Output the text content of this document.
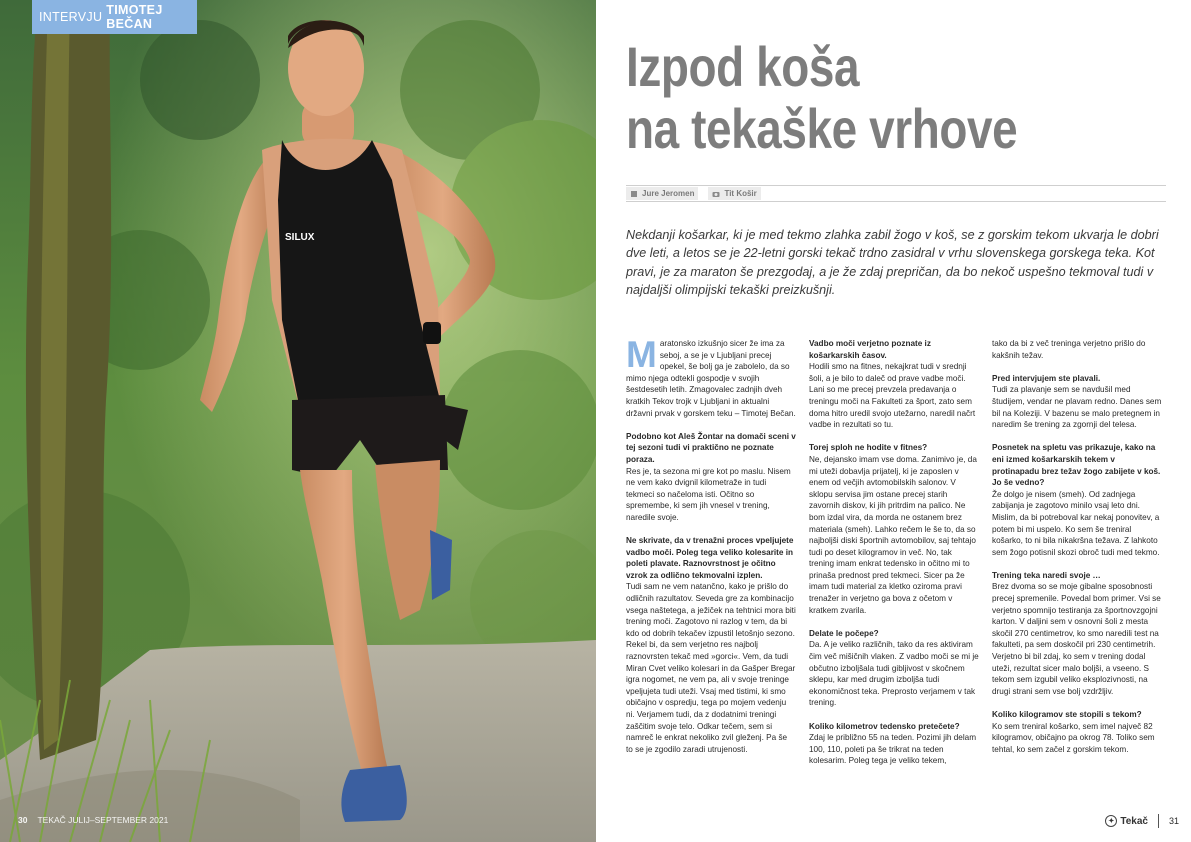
SILUX
INTERVJU TIMOTEJ BEČAN
30 TEKAČ JULIJ–SEPTEMBER 2021
Izpod koša
na tekaške vrhove
Jure Jeromen	Tit Košir

Nekdanji košarkar, ki je med tekmo zlahka zabil žogo v koš, se z gorskim tekom ukvarja le dobri dve leti, a letos se je 22-letni gorski tekač trdno zasidral v vrhu slovenskega gorskega teka. Kot pravi, je za maraton še prezgodaj, a je že zdaj prepričan, da bo nekoč uspešno tekmoval tudi v najdaljši olimpijski tekaški preizkušnji.

Maratonsko izkušnjo sicer že ima za seboj, a se je v Ljubljani precej opekel, še bolj ga je zabolelo, da so mimo njega odtekli gospodje v svojih šestdesetih letih. Zmagovalec zadnjih dveh kratkih Tekov trojk v Ljubljani in aktualni državni prvak v gorskem teku – Timotej Bečan.

Podobno kot Aleš Žontar na domači sceni v tej sezoni tudi vi praktično ne poznate poraza.
Res je, ta sezona mi gre kot po maslu. Nisem ne vem kako dvignil kilometraže in tudi tekmeci so načeloma isti. Očitno so spremembe, ki sem jih vnesel v trening, naredile svoje.

Ne skrivate, da v trenažni proces vpeljujete vadbo moči. Poleg tega veliko kolesarite in poleti plavate. Raznovrstnost je očitno vzrok za odlično tekmovalni izplen.
Tudi sam ne vem natančno, kako je prišlo do odličnih razultatov. Seveda gre za kombinacijo vsega naštetega, a ježiček na tehtnici mora biti trening moči. Zagotovo ni razlog v tem, da bi kdo od dobrih tekačev izpustil letošnjo sezono. Rekel bi, da sem verjetno res najbolj raznovrsten tekač med »gorci«. Vem, da tudi Miran Cvet veliko kolesari in da Gašper Bregar igra nogomet, ne vem pa, ali v svoje treninge vpeljujeta tudi uteži. Vsaj med tistimi, ki smo običajno v ospredju, tega po mojem vedenju ni. Verjamem tudi, da z dodatnimi treningi zaščitim svoje telo. Odkar tečem, sem si namreč le enkrat nekoliko zvil gleženj. Pa še to se je zgodilo zaradi utrujenosti.

Vadbo moči verjetno poznate iz košarkarskih časov.
Hodili smo na fitnes, nekajkrat tudi v srednji šoli, a je bilo to daleč od prave vadbe moči. Lani so me precej prevzela predavanja o treningu moči na Fakulteti za šport, zato sem doma hitro uredil svojo utežarno, naredil načrt vadbe in rezultati so tu.

Torej sploh ne hodite v fitnes?
Ne, dejansko imam vse doma. Zanimivo je, da mi uteži dobavlja prijatelj, ki je zaposlen v enem od večjih avtomobilskih salonov. V sklopu servisa jim ostane precej starih zavornih diskov, ki jih pritrdim na palico. Ne bom izdal vira, da morda ne ostanem brez materiala (smeh). Lahko rečem le še to, da so najboljši diski športnih avtomobilov, saj tehtajo tudi po deset kilogramov in več. No, tak trening imam enkrat tedensko in očitno mi to prinaša prednost pred tekmeci. Sicer pa že imam tudi material za kletko oziroma pravi trenažer in verjetno ga bova z očetom v kratkem zvarila.

Delate le počepe?
Da. A je veliko različnih, tako da res aktiviram čim več mišičnih vlaken. Z vadbo moči se mi je občutno izboljšala tudi gibljivost v skočnem sklepu, kar med drugim izboljša tudi ekonomičnost teka. Preprosto verjamem v tak trening.

Koliko kilometrov tedensko pretečete?
Zdaj le približno 55 na teden. Pozimi jih delam 100, 110, poleti pa še trikrat na teden kolesarim. Poleg tega je veliko tekem,

tako da bi z več treninga verjetno prišlo do kakšnih težav.

Pred intervjujem ste plavali.
Tudi za plavanje sem se navdušil med študijem, vendar ne plavam redno. Danes sem bil na Koleziji. V bazenu se malo pretegnem in naredim še trening za zgornji del telesa.

Posnetek na spletu vas prikazuje, kako na eni izmed košarkarskih tekem v protinapadu brez težav žogo zabijete v koš. Jo še vedno?
Že dolgo je nisem (smeh). Od zadnjega zabijanja je zagotovo minilo vsaj leto dni. Mislim, da bi potreboval kar nekaj ponovitev, a potem bi mi uspelo. Ko sem še treniral košarko, to ni bila nikakršna težava. Z lahkoto sem žogo potisnil skozi obroč tudi med tekmo.

Trening teka naredi svoje …
Brez dvoma so se moje gibalne sposobnosti precej spremenile. Povedal bom primer. Vsi se verjetno spomnijo testiranja za športnovzgojni karton. V daljini sem v osnovni šoli z mesta skočil 270 centimetrov, ko smo naredili test na fakulteti, pa sem doskočil pri 230 centimetrih. Verjetno bi bil zdaj, ko sem v trening dodal uteži, rezultat sicer malo boljši, a vseeno. S tekom sem izgubil veliko eksplozivnosti, na drugi strani sem vse bolj vzdržljiv.

Koliko kilogramov ste stopili s tekom?
Ko sem treniral košarko, sem imel največ 82 kilogramov, običajno pa okrog 78. Toliko sem tehtal, ko sem začel z gorskim tekom.

✦ Tekač 31
